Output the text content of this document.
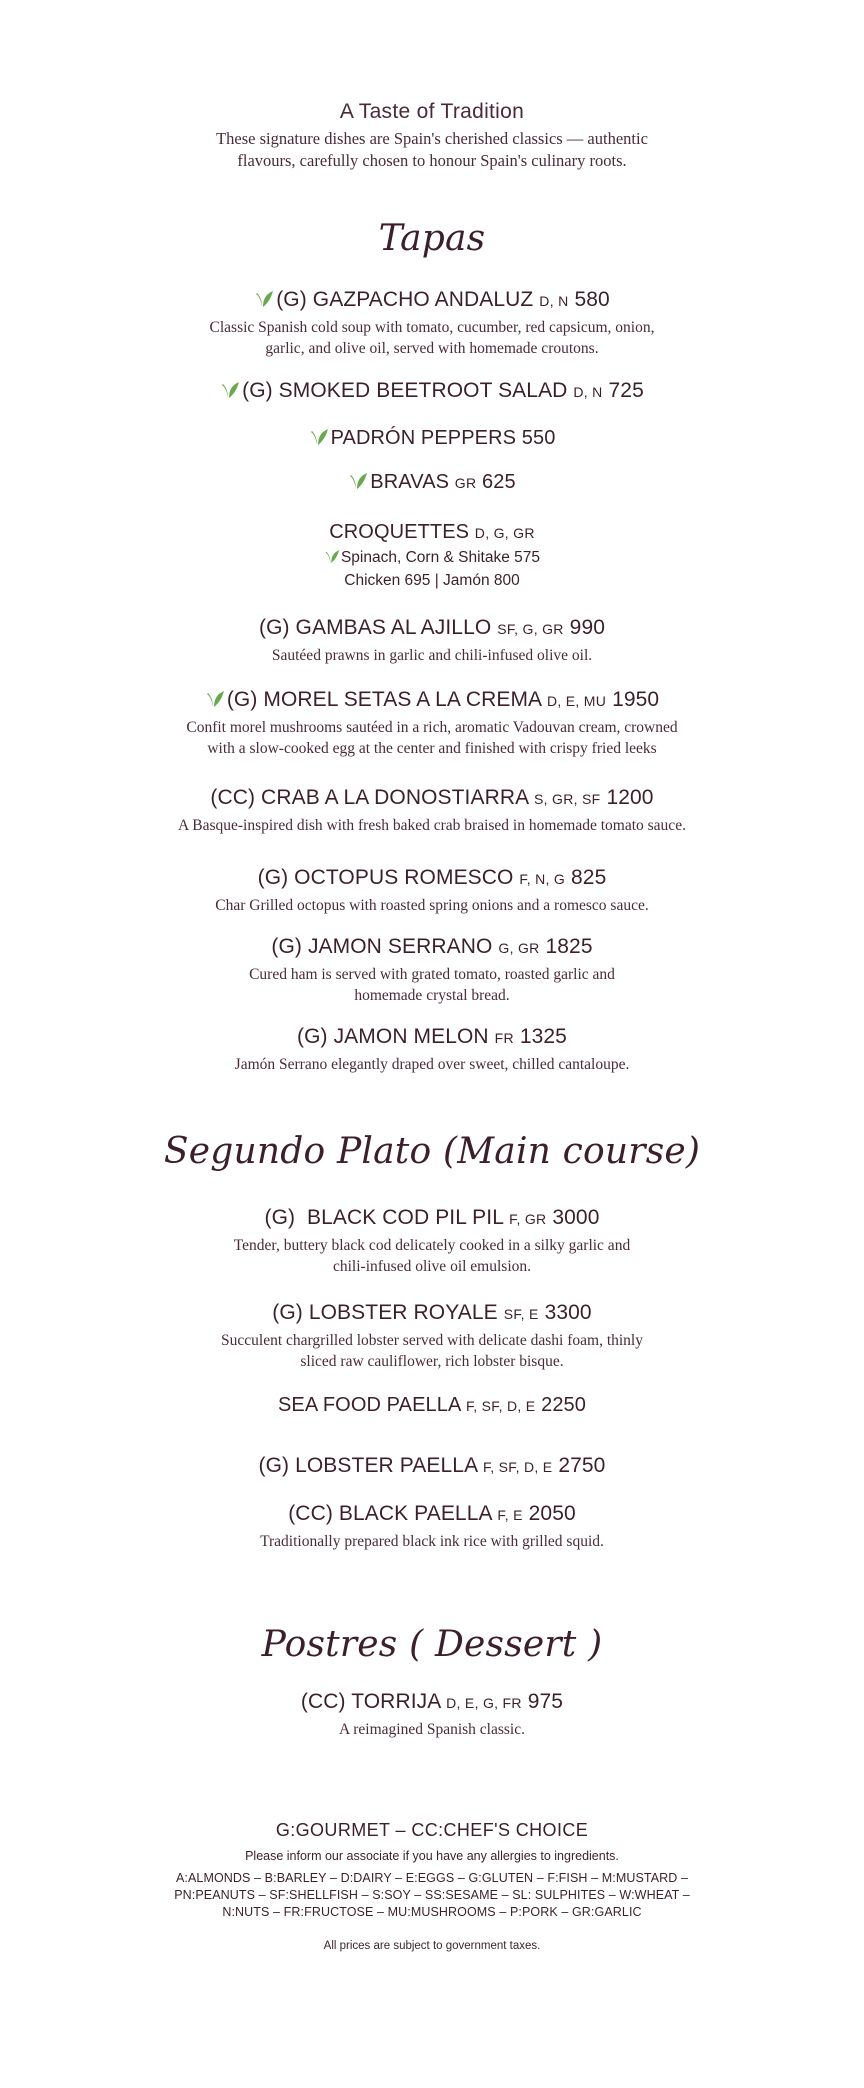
A Taste of Tradition
These signature dishes are Spain's cherished classics — authentic
flavours, carefully chosen to honour Spain's culinary roots.
Tapas
(G) GAZPACHO ANDALUZ D, N 580
Classic Spanish cold soup with tomato, cucumber, red capsicum, onion,
garlic, and olive oil, served with homemade croutons.
(G) SMOKED BEETROOT SALAD D, N 725
PADRÓN PEPPERS 550
BRAVAS GR 625
CROQUETTES D, G, GR
Spinach, Corn & Shitake 575
Chicken 695 | Jamón 800
(G) GAMBAS AL AJILLO SF, G, GR 990
Sautéed prawns in garlic and chili-infused olive oil.
(G) MOREL SETAS A LA CREMA D, E, MU 1950
Confit morel mushrooms sautéed in a rich, aromatic Vadouvan cream, crowned
with a slow-cooked egg at the center and finished with crispy fried leeks
(CC) CRAB A LA DONOSTIARRA S, GR, SF 1200
A Basque-inspired dish with fresh baked crab braised in homemade tomato sauce.
(G) OCTOPUS ROMESCO F, N, G 825
Char Grilled octopus with roasted spring onions and a romesco sauce.
(G) JAMON SERRANO G, GR 1825
Cured ham is served with grated tomato, roasted garlic and
homemade crystal bread.
(G) JAMON MELON FR 1325
Jamón Serrano elegantly draped over sweet, chilled cantaloupe.
Segundo Plato (Main course)
(G)  BLACK COD PIL PIL F, GR 3000
Tender, buttery black cod delicately cooked in a silky garlic and
chili-infused olive oil emulsion.
(G) LOBSTER ROYALE SF, E 3300
Succulent chargrilled lobster served with delicate dashi foam, thinly
sliced raw cauliflower, rich lobster bisque.
SEA FOOD PAELLA F, SF, D, E 2250
(G) LOBSTER PAELLA F, SF, D, E 2750
(CC) BLACK PAELLA F, E 2050
Traditionally prepared black ink rice with grilled squid.
Postres ( Dessert )
(CC) TORRIJA D, E, G, FR 975
A reimagined Spanish classic.
G:GOURMET – CC:CHEF'S CHOICE
Please inform our associate if you have any allergies to ingredients.
A:ALMONDS – B:BARLEY – D:DAIRY – E:EGGS – G:GLUTEN – F:FISH – M:MUSTARD –
PN:PEANUTS – SF:SHELLFISH – S:SOY – SS:SESAME – SL: SULPHITES – W:WHEAT –
N:NUTS – FR:FRUCTOSE – MU:MUSHROOMS – P:PORK – GR:GARLIC
All prices are subject to government taxes.
